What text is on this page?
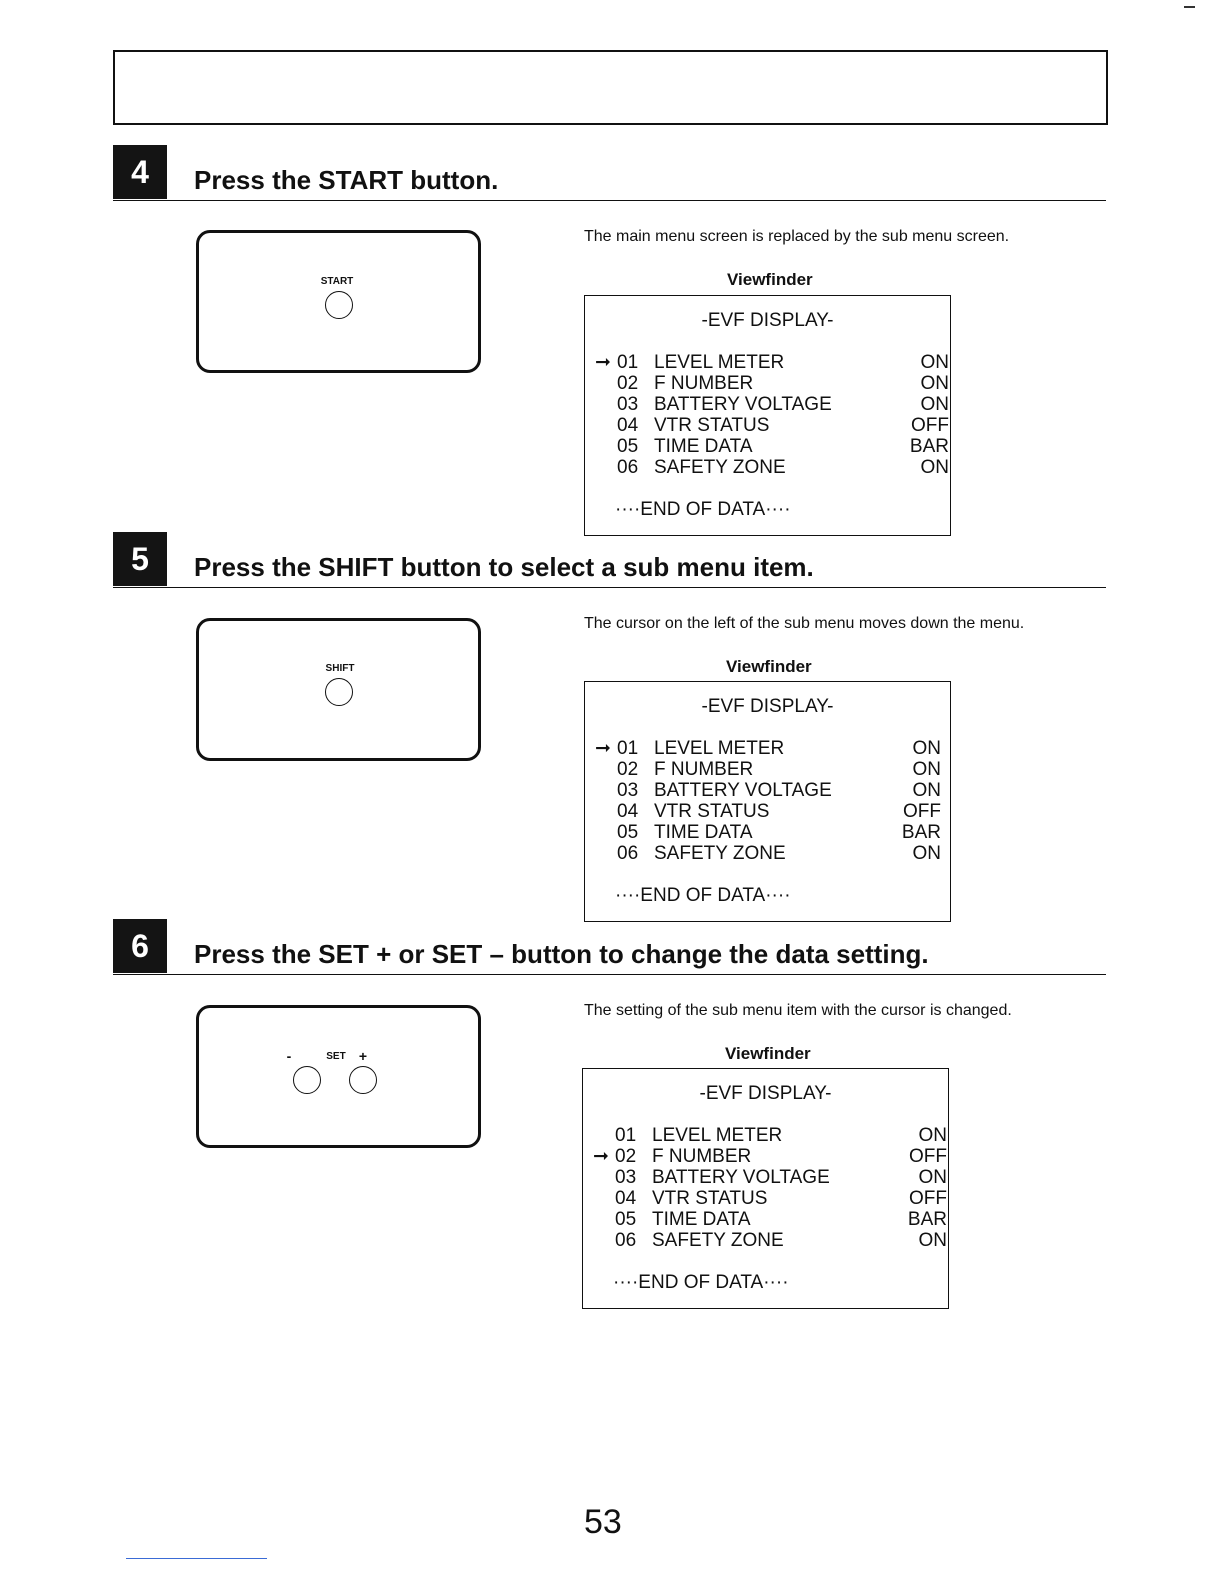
4	Press the START button.
START
The main menu screen is replaced by the sub menu screen.
Viewfinder
-EVF DISPLAY-
➞ 01 LEVEL METER	ON
02 F NUMBER	ON
03 BATTERY VOLTAGE	ON
04 VTR STATUS	OFF
05 TIME DATA	BAR
06 SAFETY ZONE	ON
····END OF DATA····
5	Press the SHIFT button to select a sub menu item.
SHIFT
The cursor on the left of the sub menu moves down the menu.
Viewfinder
-EVF DISPLAY-
➞ 01 LEVEL METER	ON
02 F NUMBER	ON
03 BATTERY VOLTAGE	ON
04 VTR STATUS	OFF
05 TIME DATA	BAR
06 SAFETY ZONE	ON
····END OF DATA····
6	Press the SET + or SET – button to change the data setting.
-	SET +
The setting of the sub menu item with the cursor is changed.
Viewfinder
-EVF DISPLAY-
01 LEVEL METER	ON
➞ 02 F NUMBER	OFF
03 BATTERY VOLTAGE	ON
04 VTR STATUS	OFF
05 TIME DATA	BAR
06 SAFETY ZONE	ON
····END OF DATA····
53
